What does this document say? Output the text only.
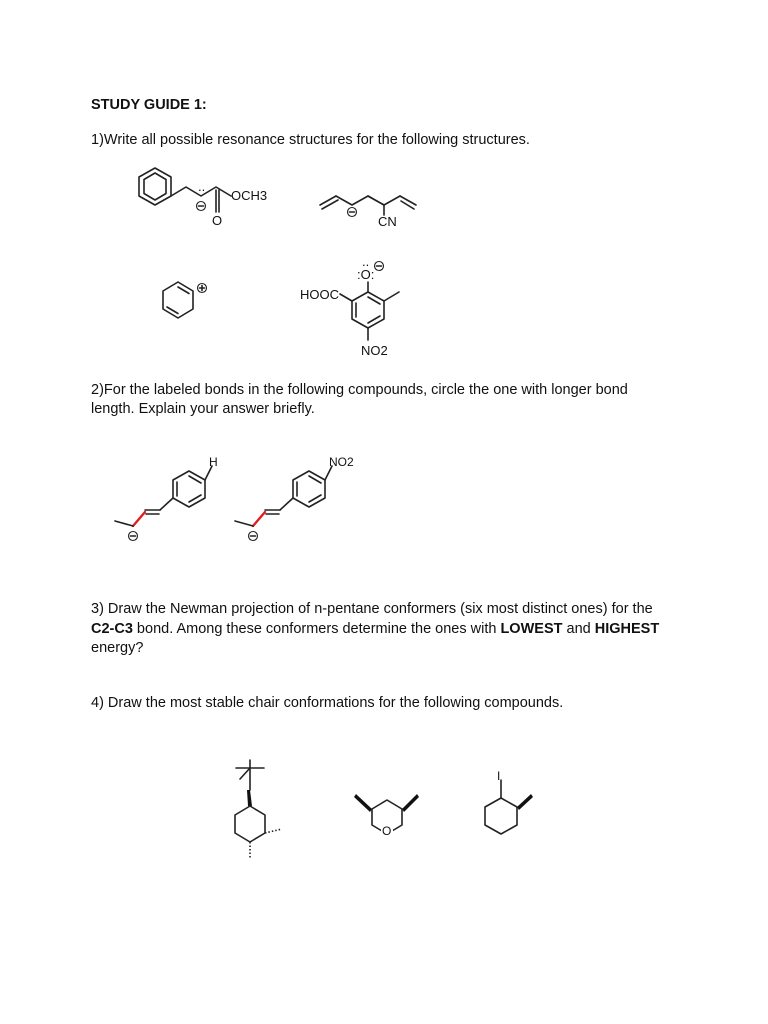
STUDY GUIDE 1:
1)Write all possible resonance structures for the following structures.
2)For the labeled bonds in the following compounds, circle the one with longer bond
length. Explain your answer briefly.
3) Draw the Newman projection of n-pentane conformers (six most distinct ones) for the
C2-C3 bond. Among these conformers determine the ones with LOWEST and HIGHEST
energy?
4) Draw the most stable chair conformations for the following compounds.
O
OCH3
..
CN
:O:
..
HOOC
NO2
H	NO2
O
I
